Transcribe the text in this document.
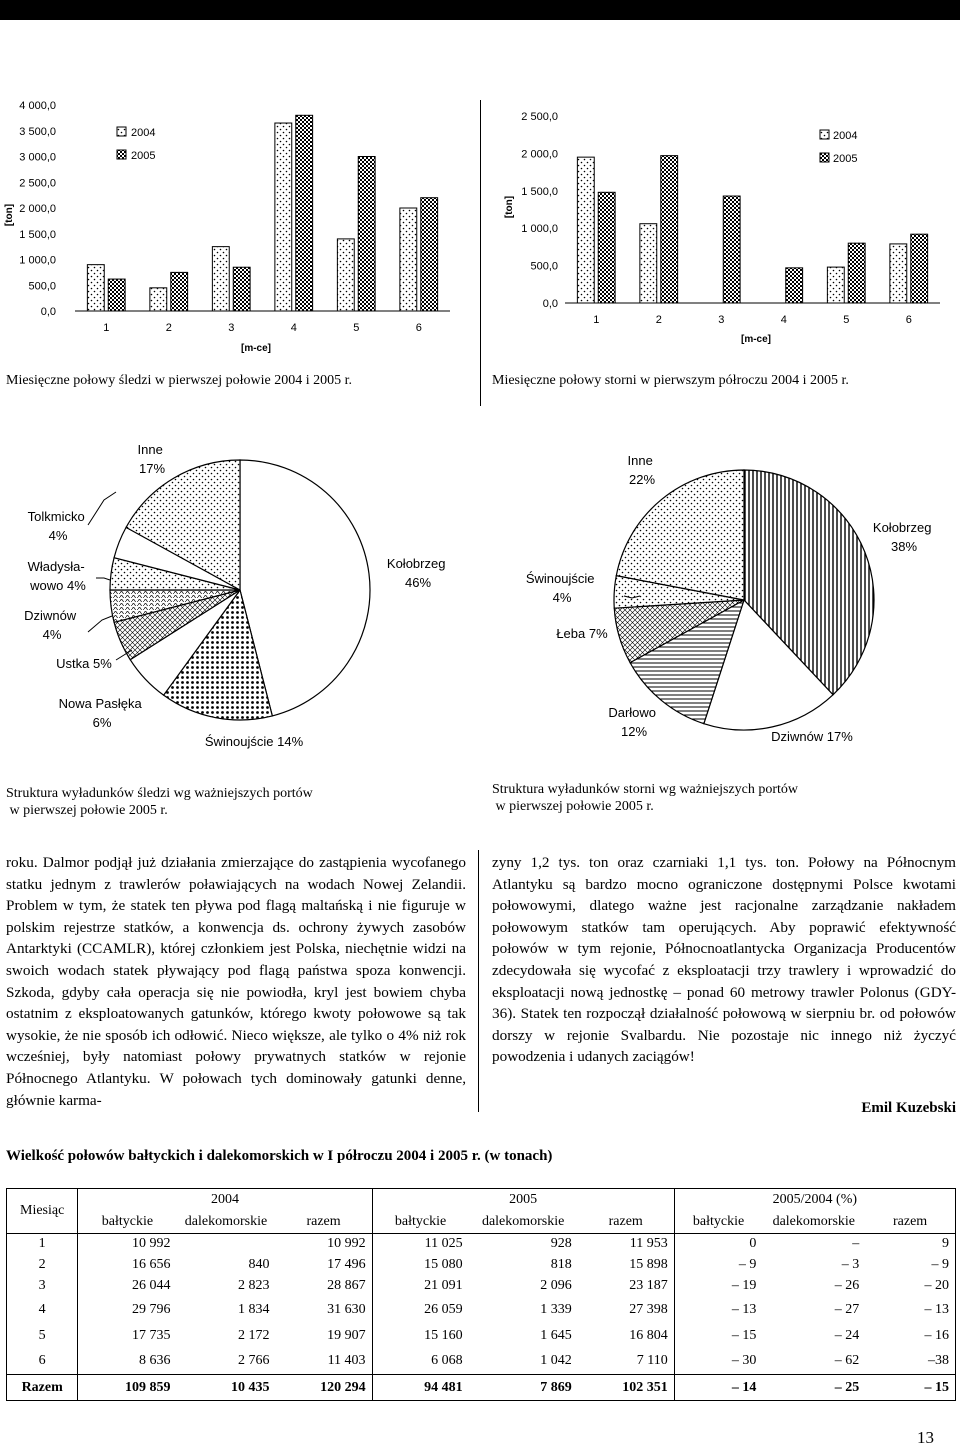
4 000,0
3 500,0
3 000,0
2 500,0
2 000,0
1 500,0
1 000,0
500,0
0,0
1	2	3	4	5	6
[ton]
[m-ce]
2004
2005
Miesięczne połowy śledzi w pierwszej połowie 2004 i 2005 r.
2 500,0
2 000,0
1 500,0
1 000,0
500,0
0,0
1	2	3	4	5	6
[ton]
[m-ce]
2004
2005
Miesięczne połowy storni w pierwszym półroczu 2004 i 2005 r.
Inne 17%
Tolkmicko 4%
Władysła- wowo 4%
Dziwnów 4%
Ustka 5%
Nowa Pasłęka 6%
Świnoujście 14%
Kołobrzeg 46%
Struktura wyładunków śledzi wg ważniejszych portów
w pierwszej połowie 2005 r.
Inne 22%
Kołobrzeg 38%
Świnoujście 4%
Łeba 7%
Darłowo 12%	Dziwnów 17%
Struktura wyładunków storni wg ważniejszych portów
w pierwszej połowie 2005 r.

roku. Dalmor podjął już działania zmierzające do zastąpienia wycofanego statku jednym z trawlerów poławiających na wodach Nowej Zelandii. Problem w tym, że statek ten pływa pod flagą maltańską i nie figuruje w polskim rejestrze statków, a konwencja ds. ochrony żywych zasobów Antarktyki (CCAMLR), której członkiem jest Polska, niechętnie widzi na swoich wodach statek pływający pod flagą państwa spoza konwencji. Szkoda, gdyby cała operacja się nie powiodła, kryl jest bowiem chyba ostatnim z eksploatowanych gatunków, którego kwoty połowowe są tak wysokie, że nie sposób ich odłowić. Nieco większe, ale tylko o 4% niż rok wcześniej, były natomiast połowy prywatnych statków w rejonie Północnego Atlantyku. W połowach tych dominowały gatunki denne, głównie karma-

zyny 1,2 tys. ton oraz czarniaki 1,1 tys. ton. Połowy na Północnym Atlantyku są bardzo mocno ograniczone dostępnymi Polsce kwotami połowowymi, dlatego ważne jest racjonalne zarządzanie nakładem połowowym statków tam operujących. Aby poprawić efektywność połowów w tym rejonie, Północnoatlantycka Organizacja Producentów zdecydowała się wycofać z eksploatacji trzy trawlery i wprowadzić do eksploatacji nową jednostkę – ponad 60 metrowy trawler Polonus (GDY-36). Statek ten rozpoczął działalność połowową w sierpniu br. od połowów dorszy w rejonie Svalbardu. Nie pozostaje nic innego niż życzyć powodzenia i udanych zaciągów!

Emil Kuzebski
Wielkość połowów bałtyckich i dalekomorskich w I półroczu 2004 i 2005 r. (w tonach)
Miesiąc	2004			2005			2005/2004 (%)		
	bałtyckie	dalekomorskie	razem	bałtyckie	dalekomorskie	razem	bałtyckie	dalekomorskie	razem
1	10 992		10 992	11 025	928	11 953	0	–	9
2	16 656	840	17 496	15 080	818	15 898	– 9	– 3	– 9
3	26 044	2 823	28 867	21 091	2 096	23 187	– 19	– 26	– 20
4	29 796	1 834	31 630	26 059	1 339	27 398	– 13	– 27	– 13
5	17 735	2 172	19 907	15 160	1 645	16 804	– 15	– 24	– 16
6	8 636	2 766	11 403	6 068	1 042	7 110	– 30	– 62	–38
Razem	109 859	10 435	120 294	94 481	7 869	102 351	– 14	– 25	– 15
13
